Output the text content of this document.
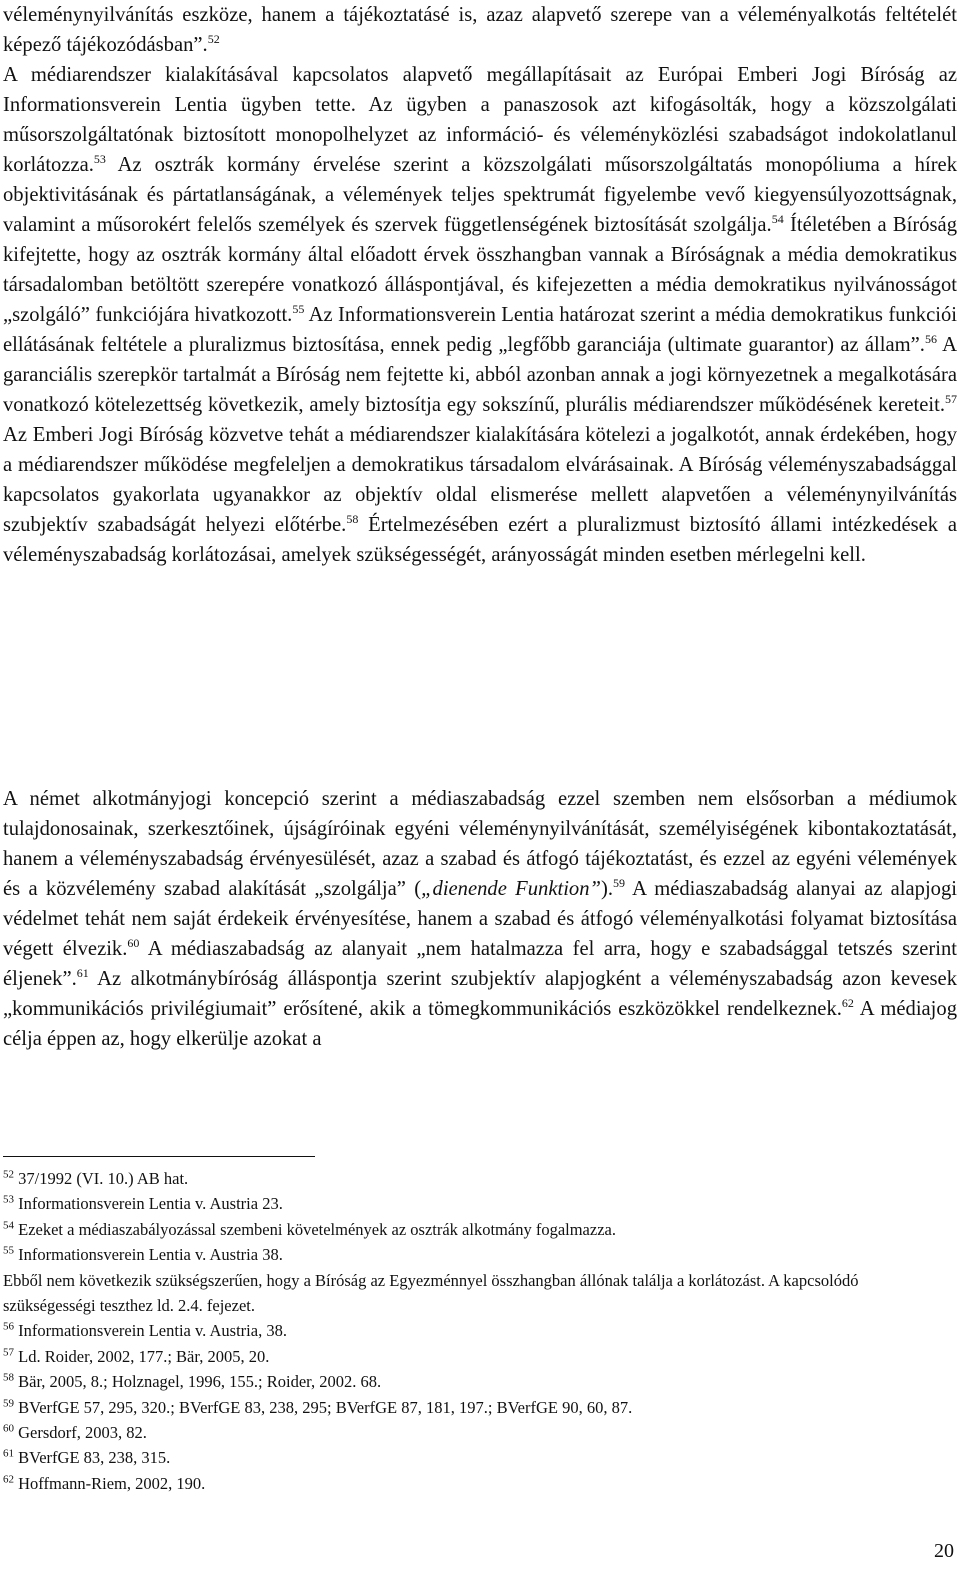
véleménynyilvánítás eszköze, hanem a tájékoztatásé is, azaz alapvető szerepe van a véleményalkotás feltételét képező tájékozódásban”.$^{52}$

A médiarendszer kialakításával kapcsolatos alapvető megállapításait az Európai Emberi Jogi Bíróság az Informationsverein Lentia ügyben tette. Az ügyben a panaszosok azt kifogásolták, hogy a közszolgálati műsorszolgáltatónak biztosított monopolhelyzet az információ- és véleményközlési szabadságot indokolatlanul korlátozza.$^{53}$ Az osztrák kormány érvelése szerint a közszolgálati műsorszolgáltatás monopóliuma a hírek objektivitásának és pártatlanságának, a vélemények teljes spektrumát figyelembe vevő kiegyensúlyozottságnak, valamint a műsorokért felelős személyek és szervek függetlenségének biztosítását szolgálja.$^{54}$ Ítéletében a Bíróság kifejtette, hogy az osztrák kormány által előadott érvek összhangban vannak a Bíróságnak a média demokratikus társadalomban betöltött szerepére vonatkozó álláspontjával, és kifejezetten a média demokratikus nyilvánosságot „szolgáló” funkciójára hivatkozott.$^{55}$ Az Informationsverein Lentia határozat szerint a média demokratikus funkciói ellátásának feltétele a pluralizmus biztosítása, ennek pedig „legfőbb garanciája (ultimate guarantor) az állam”.$^{56}$ A garanciális szerepkör tartalmát a Bíróság nem fejtette ki, abból azonban annak a jogi környezetnek a megalkotására vonatkozó kötelezettség következik, amely biztosítja egy sokszínű, plurális médiarendszer működésének kereteit.$^{57}$ Az Emberi Jogi Bíróság közvetve tehát a médiarendszer kialakítására kötelezi a jogalkotót, annak érdekében, hogy a médiarendszer működése megfeleljen a demokratikus társadalom elvárásainak. A Bíróság véleményszabadsággal kapcsolatos gyakorlata ugyanakkor az objektív oldal elismerése mellett alapvetően a véleménynyilvánítás szubjektív szabadságát helyezi előtérbe.$^{58}$ Értelmezésében ezért a pluralizmust biztosító állami intézkedések a véleményszabadság korlátozásai, amelyek szükségességét, arányosságát minden esetben mérlegelni kell.

A német alkotmányjogi koncepció szerint a médiaszabadság ezzel szemben nem elsősorban a médiumok tulajdonosainak, szerkesztőinek, újságíróinak egyéni véleménynyilvánítását, személyiségének kibontakoztatását, hanem a véleményszabadság érvényesülését, azaz a szabad és átfogó tájékoztatást, és ezzel az egyéni vélemények és a közvélemény szabad alakítását „szolgálja” („dienende Funktion”).$^{59}$ A médiaszabadság alanyai az alapjogi védelmet tehát nem saját érdekeik érvényesítése, hanem a szabad és átfogó véleményalkotási folyamat biztosítása végett élvezik.$^{60}$ A médiaszabadság az alanyait „nem hatalmazza fel arra, hogy e szabadsággal tetszés szerint éljenek”.$^{61}$ Az alkotmánybíróság álláspontja szerint szubjektív alapjogként a véleményszabadság azon kevesek „kommunikációs privilégiumait” erősítené, akik a tömegkommunikációs eszközökkel rendelkeznek.$^{62}$ A médiajog célja éppen az, hogy elkerülje azokat a

$^{52}$ 37/1992 (VI. 10.) AB hat.

$^{53}$ Informationsverein Lentia v. Austria 23.

$^{54}$ Ezeket a médiaszabályozással szembeni követelmények az osztrák alkotmány fogalmazza.

$^{55}$ Informationsverein Lentia v. Austria 38.

Ebből nem következik szükségszerűen, hogy a Bíróság az Egyezménnyel összhangban állónak találja a korlátozást. A kapcsolódó szükségességi teszthez ld. 2.4. fejezet.

$^{56}$ Informationsverein Lentia v. Austria, 38.

$^{57}$ Ld. Roider, 2002, 177.; Bär, 2005, 20.

$^{58}$ Bär, 2005, 8.; Holznagel, 1996, 155.; Roider, 2002. 68.

$^{59}$ BVerfGE 57, 295, 320.; BVerfGE 83, 238, 295; BVerfGE 87, 181, 197.; BVerfGE 90, 60, 87.

$^{60}$ Gersdorf, 2003, 82.

$^{61}$ BVerfGE 83, 238, 315.

$^{62}$ Hoffmann-Riem, 2002, 190.

20
